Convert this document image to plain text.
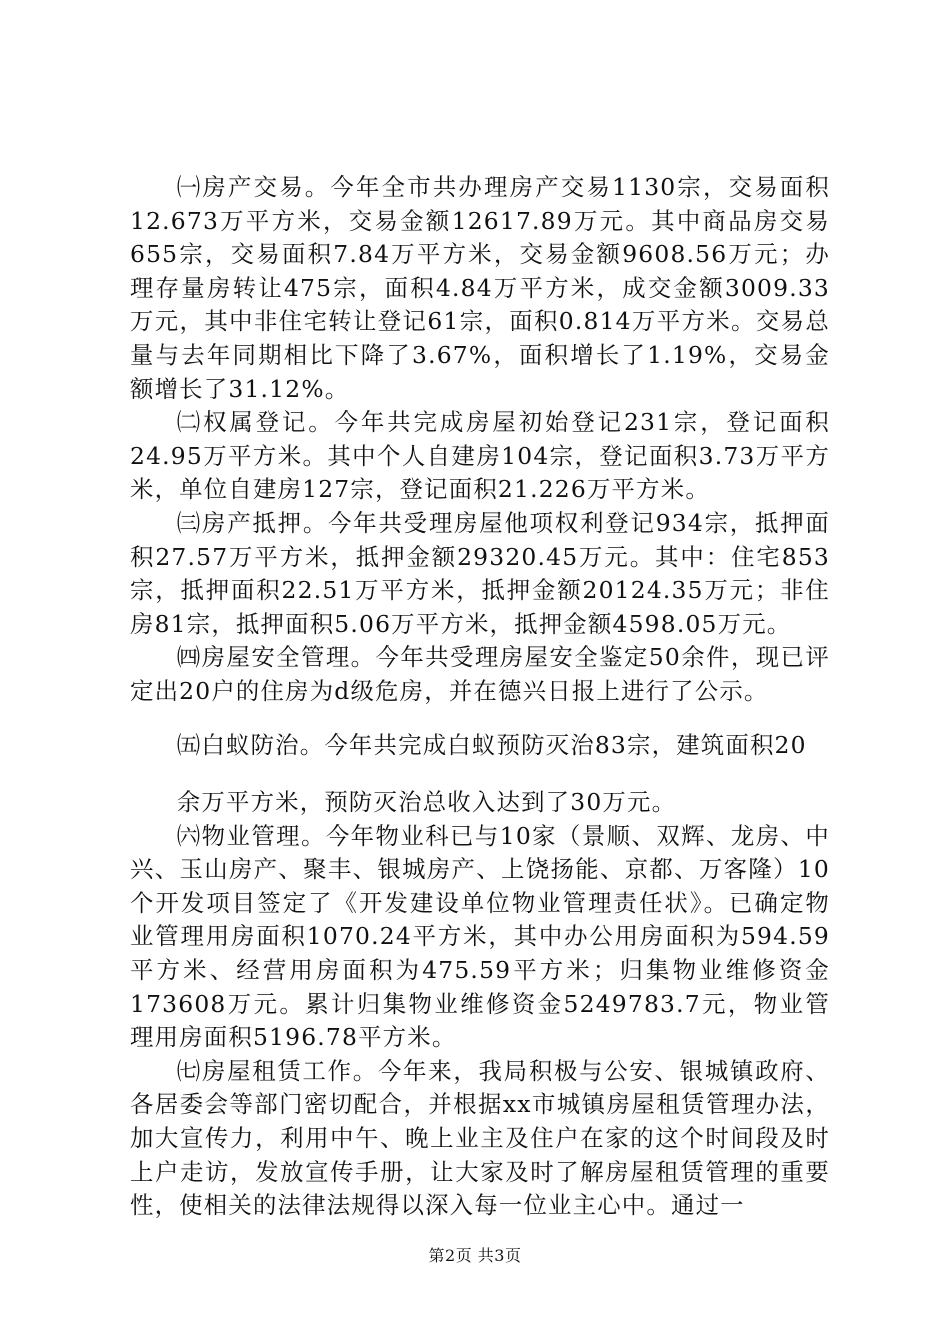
㈠房产交易。今年全市共办理房产交易1130宗，交易面积12.673万平方米，交易金额12617.89万元。其中商品房交易655宗，交易面积7.84万平方米，交易金额9608.56万元；办理存量房转让475宗，面积4.84万平方米，成交金额3009.33万元，其中非住宅转让登记61宗，面积0.814万平方米。交易总量与去年同期相比下降了3.67%，面积增长了1.19%，交易金额增长了31.12%。

㈡权属登记。今年共完成房屋初始登记231宗，登记面积24.95万平方米。其中个人自建房104宗，登记面积3.73万平方米，单位自建房127宗，登记面积21.226万平方米。

㈢房产抵押。今年共受理房屋他项权利登记934宗，抵押面积27.57万平方米，抵押金额29320.45万元。其中：住宅853宗，抵押面积22.51万平方米，抵押金额20124.35万元；非住房81宗，抵押面积5.06万平方米，抵押金额4598.05万元。

㈣房屋安全管理。今年共受理房屋安全鉴定50余件，现已评定出20户的住房为d级危房，并在德兴日报上进行了公示。

㈤白蚁防治。今年共完成白蚁预防灭治83宗，建筑面积20

余万平方米，预防灭治总收入达到了30万元。

㈥物业管理。今年物业科已与10家（景顺、双辉、龙房、中兴、玉山房产、聚丰、银城房产、上饶扬能、京都、万客隆）10个开发项目签定了《开发建设单位物业管理责任状》。已确定物业管理用房面积1070.24平方米，其中办公用房面积为594.59平方米、经营用房面积为475.59平方米；归集物业维修资金173608万元。累计归集物业维修资金5249783.7元，物业管理用房面积5196.78平方米。

㈦房屋租赁工作。今年来，我局积极与公安、银城镇政府、各居委会等部门密切配合，并根据xx市城镇房屋租赁管理办法，加大宣传力，利用中午、晚上业主及住户在家的这个时间段及时上户走访，发放宣传手册，让大家及时了解房屋租赁管理的重要性，使相关的法律法规得以深入每一位业主心中。通过一

第2页 共3页
